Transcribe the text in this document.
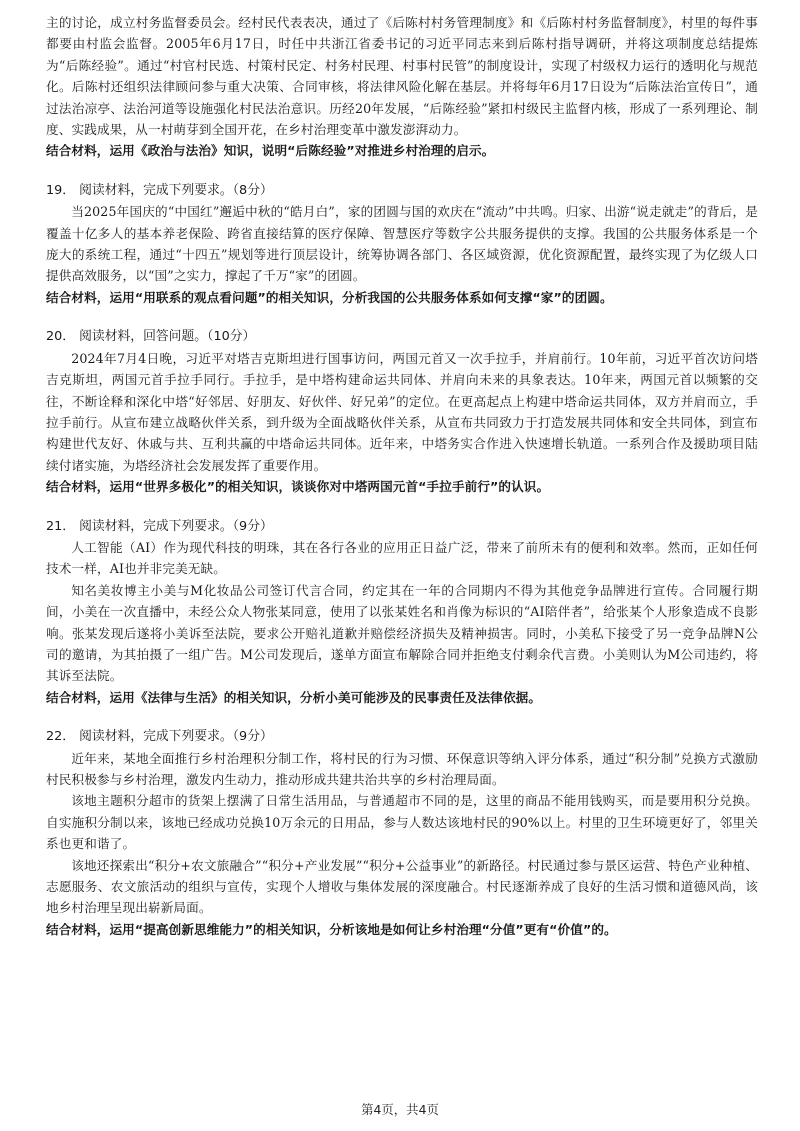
主的讨论，成立村务监督委员会。经村民代表表决，通过了《后陈村村务管理制度》和《后陈村村务监督制度》，村里的每件事都要由村监会监督。2005年6月17日，时任中共浙江省委书记的习近平同志来到后陈村指导调研，并将这项制度总结提炼为“后陈经验”。通过“村官村民选、村策村民定、村务村民理、村事村民管”的制度设计，实现了村级权力运行的透明化与规范化。后陈村还组织法律顾问参与重大决策、合同审核，将法律风险化解在基层。并将每年6月17日设为“后陈法治宣传日”，通过法治凉亭、法治河道等设施强化村民法治意识。历经20年发展，“后陈经验”紧扣村级民主监督内核，形成了一系列理论、制度、实践成果，从一村萌芽到全国开花，在乡村治理变革中激发澎湃动力。

结合材料，运用《政治与法治》知识，说明“后陈经验”对推进乡村治理的启示。

19． 阅读材料，完成下列要求。（8分）

当2025年国庆的“中国红”邂逅中秋的“皓月白”，家的团圆与国的欢庆在“流动”中共鸣。归家、出游“说走就走”的背后，是覆盖十亿多人的基本养老保险、跨省直接结算的医疗保障、智慧医疗等数字公共服务提供的支撑。我国的公共服务体系是一个庞大的系统工程，通过“十四五”规划等进行顶层设计，统筹协调各部门、各区域资源，优化资源配置，最终实现了为亿级人口提供高效服务，以“国”之实力，撑起了千万“家”的团圆。

结合材料，运用“用联系的观点看问题”的相关知识，分析我国的公共服务体系如何支撑“家”的团圆。

20． 阅读材料，回答问题。（10分）

2024年7月4日晚，习近平对塔吉克斯坦进行国事访问，两国元首又一次手拉手，并肩前行。10年前，习近平首次访问塔吉克斯坦，两国元首手拉手同行。手拉手，是中塔构建命运共同体、并肩向未来的具象表达。10年来，两国元首以频繁的交往，不断诠释和深化中塔“好邻居、好朋友、好伙伴、好兄弟”的定位。在更高起点上构建中塔命运共同体，双方并肩而立，手拉手前行。从宣布建立战略伙伴关系，到升级为全面战略伙伴关系，从宣布共同致力于打造发展共同体和安全共同体，到宣布构建世代友好、休戚与共、互利共赢的中塔命运共同体。近年来，中塔务实合作进入快速增长轨道。一系列合作及援助项目陆续付诸实施，为塔经济社会发展发挥了重要作用。

结合材料，运用“世界多极化”的相关知识，谈谈你对中塔两国元首“手拉手前行”的认识。

21． 阅读材料，完成下列要求。（9分）

人工智能（AI）作为现代科技的明珠，其在各行各业的应用正日益广泛，带来了前所未有的便利和效率。然而，正如任何技术一样，AI也并非完美无缺。

知名美妆博主小美与M化妆品公司签订代言合同，约定其在一年的合同期内不得为其他竞争品牌进行宣传。合同履行期间，小美在一次直播中，未经公众人物张某同意，使用了以张某姓名和肖像为标识的“AI陪伴者”，给张某个人形象造成不良影响。张某发现后遂将小美诉至法院，要求公开赔礼道歉并赔偿经济损失及精神损害。同时，小美私下接受了另一竞争品牌N公司的邀请，为其拍摄了一组广告。M公司发现后，遂单方面宣布解除合同并拒绝支付剩余代言费。小美则认为M公司违约，将其诉至法院。

结合材料，运用《法律与生活》的相关知识，分析小美可能涉及的民事责任及法律依据。

22． 阅读材料，完成下列要求。（9分）

近年来，某地全面推行乡村治理积分制工作，将村民的行为习惯、环保意识等纳入评分体系，通过“积分制”兑换方式激励村民积极参与乡村治理，激发内生动力，推动形成共建共治共享的乡村治理局面。

该地主题积分超市的货架上摆满了日常生活用品，与普通超市不同的是，这里的商品不能用钱购买，而是要用积分兑换。自实施积分制以来，该地已经成功兑换10万余元的日用品，参与人数达该地村民的90%以上。村里的卫生环境更好了，邻里关系也更和谐了。

该地还探索出“积分+农文旅融合”“积分+产业发展”“积分+公益事业”的新路径。村民通过参与景区运营、特色产业种植、志愿服务、农文旅活动的组织与宣传，实现个人增收与集体发展的深度融合。村民逐渐养成了良好的生活习惯和道德风尚，该地乡村治理呈现出崭新局面。

结合材料，运用“提高创新思维能力”的相关知识，分析该地是如何让乡村治理“分值”更有“价值”的。

第4页，共4页
